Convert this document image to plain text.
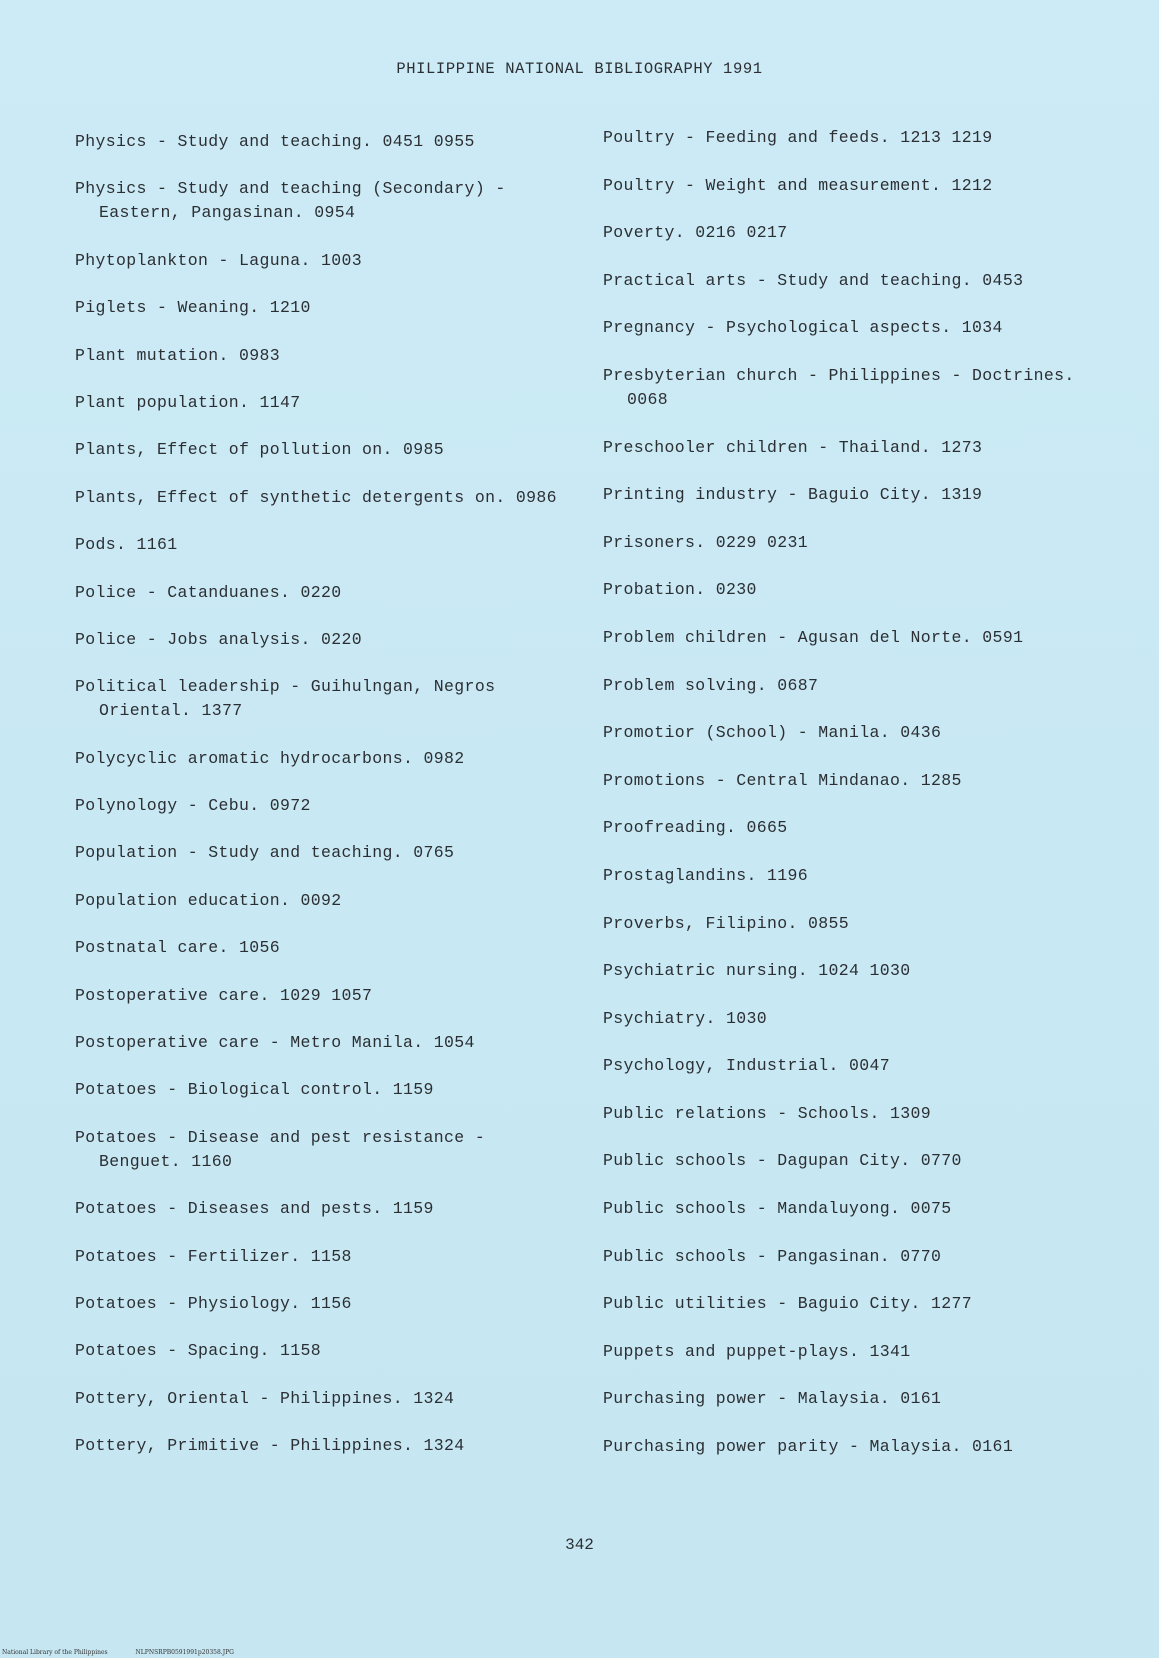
PHILIPPINE NATIONAL BIBLIOGRAPHY 1991
Physics - Study and teaching. 0451 0955
Physics - Study and teaching (Secondary) - Eastern, Pangasinan. 0954
Phytoplankton - Laguna. 1003
Piglets - Weaning. 1210
Plant mutation. 0983
Plant population. 1147
Plants, Effect of pollution on. 0985
Plants, Effect of synthetic detergents on. 0986
Pods. 1161
Police - Catanduanes. 0220
Police - Jobs analysis. 0220
Political leadership - Guihulngan, Negros Oriental. 1377
Polycyclic aromatic hydrocarbons. 0982
Polynology - Cebu. 0972
Population - Study and teaching. 0765
Population education. 0092
Postnatal care. 1056
Postoperative care. 1029 1057
Postoperative care - Metro Manila. 1054
Potatoes - Biological control. 1159
Potatoes - Disease and pest resistance - Benguet. 1160
Potatoes - Diseases and pests. 1159
Potatoes - Fertilizer. 1158
Potatoes - Physiology. 1156
Potatoes - Spacing. 1158
Pottery, Oriental - Philippines. 1324
Pottery, Primitive - Philippines. 1324
Poultry - Feeding and feeds. 1213 1219
Poultry - Weight and measurement. 1212
Poverty. 0216 0217
Practical arts - Study and teaching. 0453
Pregnancy - Psychological aspects. 1034
Presbyterian church - Philippines - Doctrines. 0068
Preschooler children - Thailand. 1273
Printing industry - Baguio City. 1319
Prisoners. 0229 0231
Probation. 0230
Problem children - Agusan del Norte. 0591
Problem solving. 0687
Promotior (School) - Manila. 0436
Promotions - Central Mindanao. 1285
Proofreading. 0665
Prostaglandins. 1196
Proverbs, Filipino. 0855
Psychiatric nursing. 1024 1030
Psychiatry. 1030
Psychology, Industrial. 0047
Public relations - Schools. 1309
Public schools - Dagupan City. 0770
Public schools - Mandaluyong. 0075
Public schools - Pangasinan. 0770
Public utilities - Baguio City. 1277
Puppets and puppet-plays. 1341
Purchasing power - Malaysia. 0161
Purchasing power parity - Malaysia. 0161
342
National Library of the Philippines	NLPNSRPB0591991p20358.JPG
